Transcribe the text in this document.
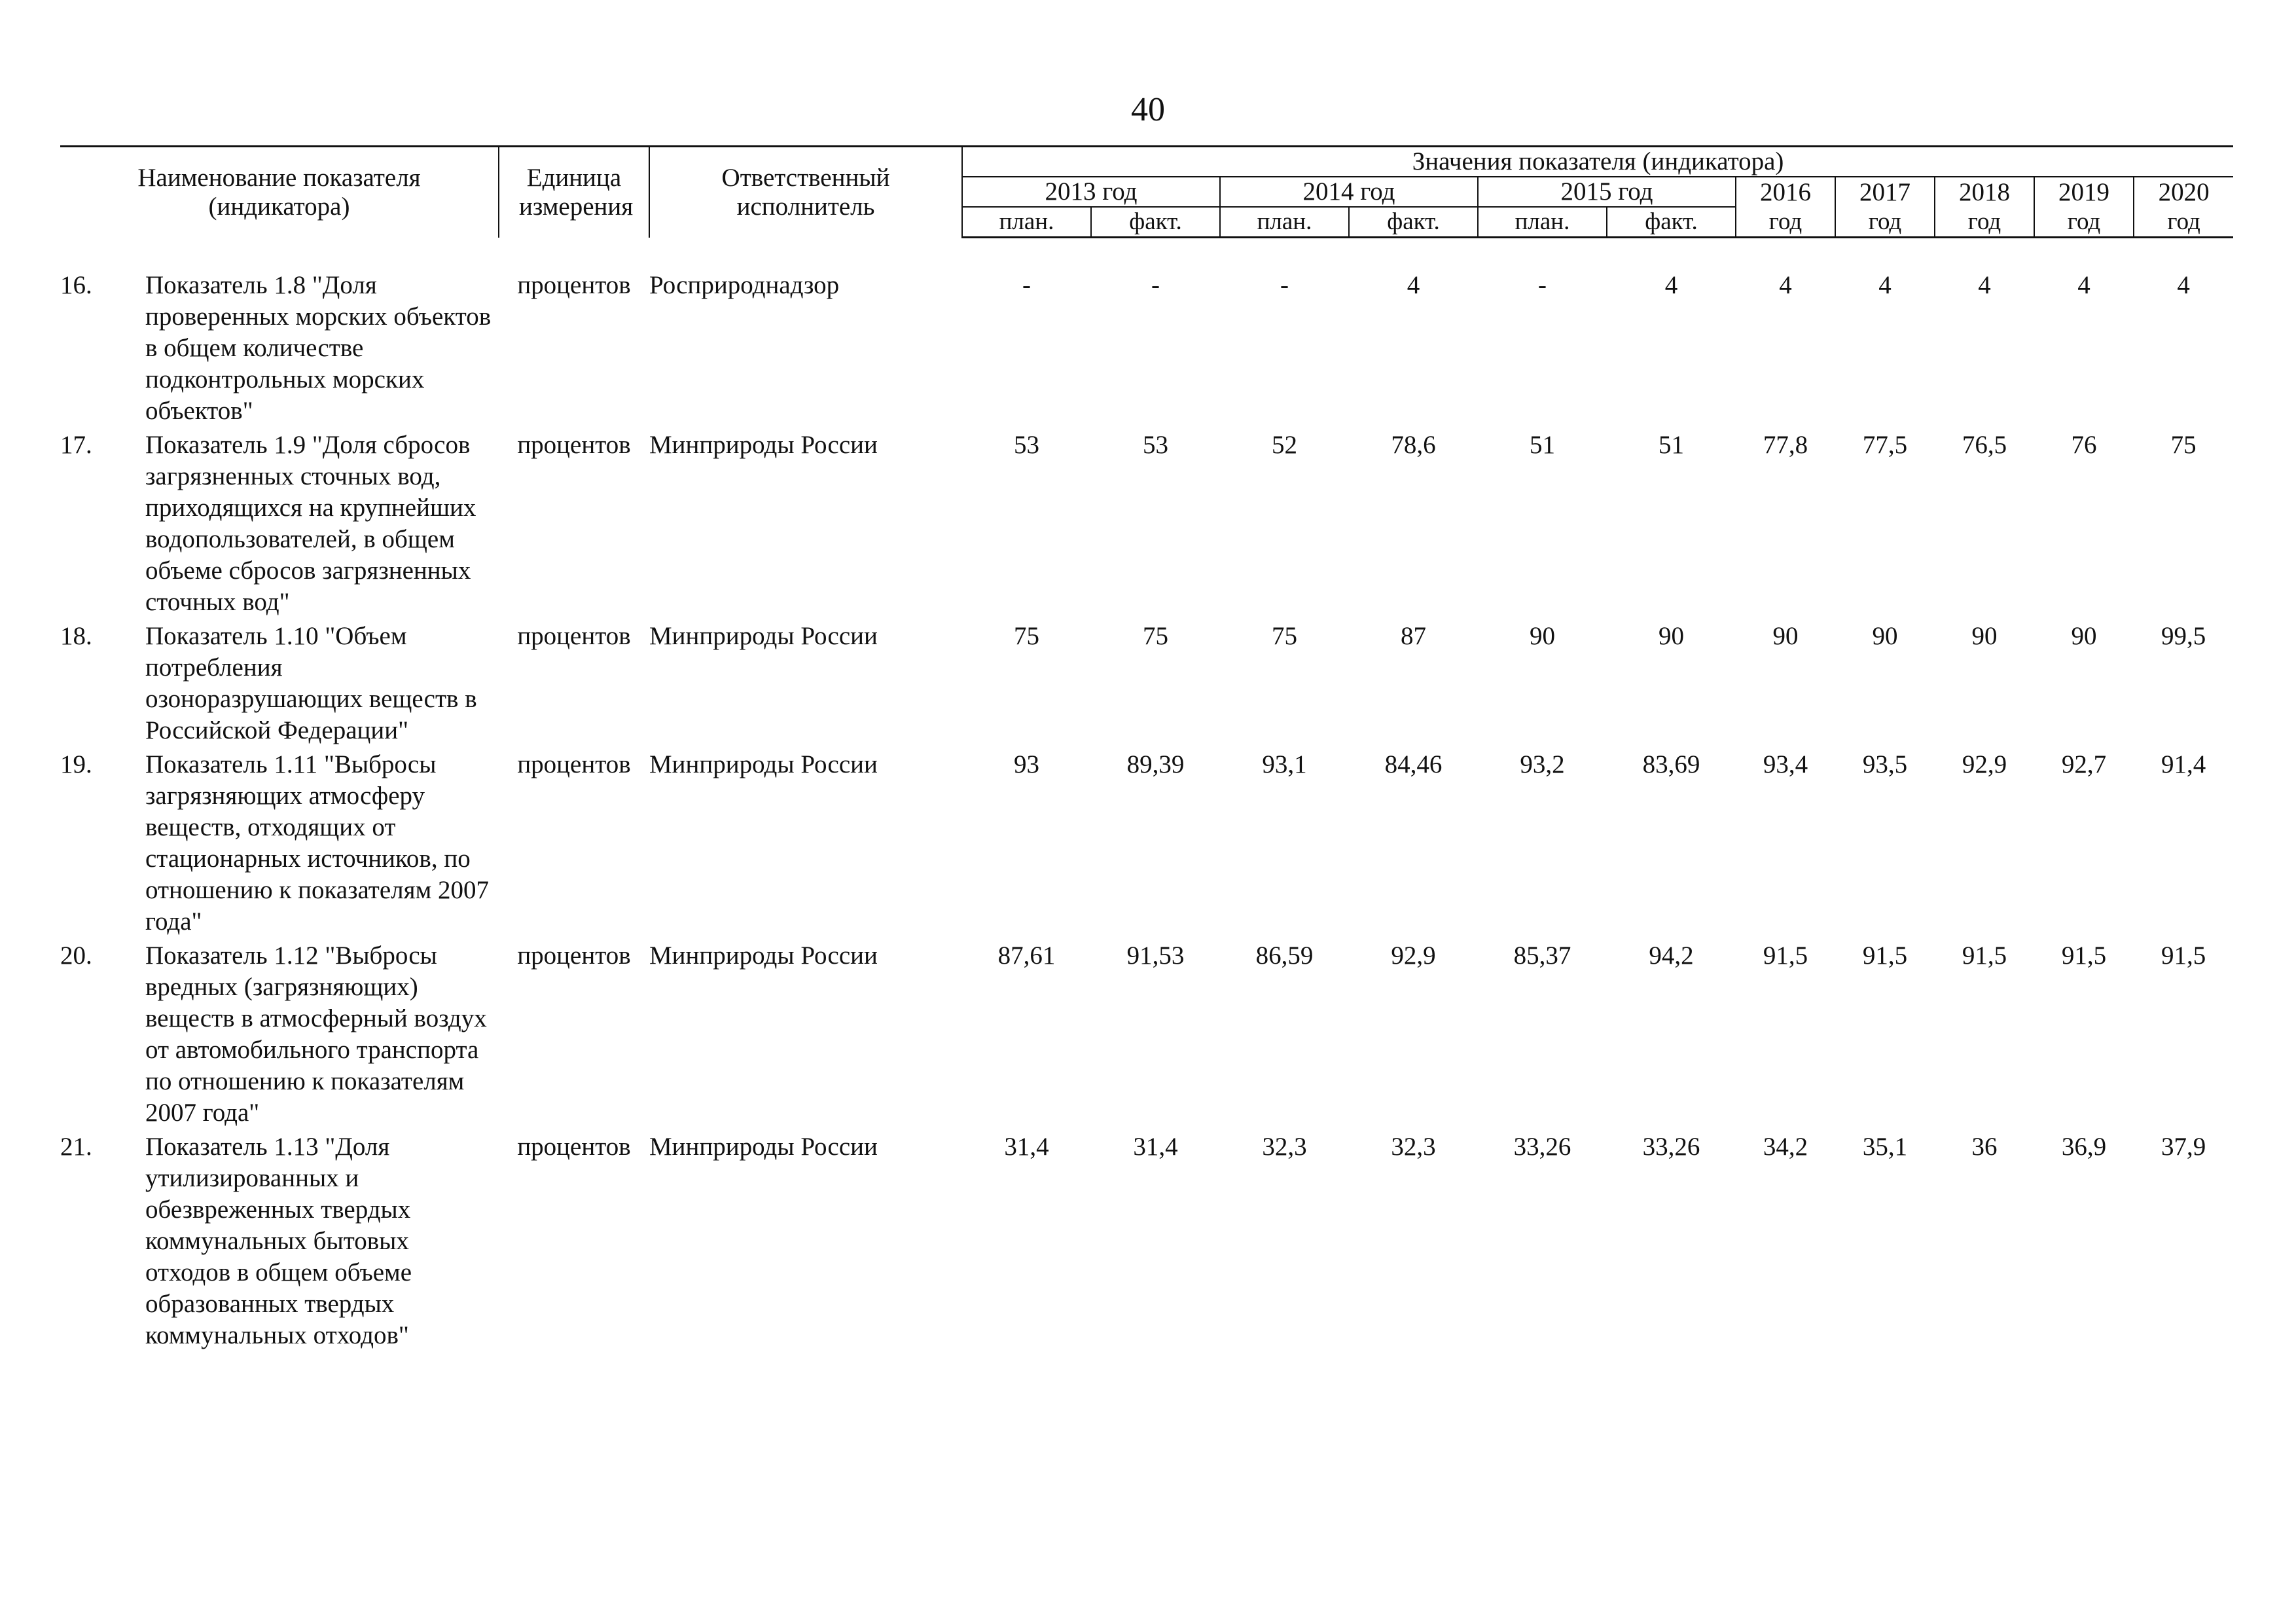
40
Наименование показателя (индикатора)		Единица измерения	Ответственный исполнитель	Значения показателя (индикатора)										
				2013 год		2014 год		2015 год		2016	2017	2018	2019	2020
				план.	факт.	план.	факт.	план.	факт.	год	год	год	год	год

16.	Показатель 1.8 "Доля проверенных морских объектов в общем количестве подконтрольных морских объектов"	процентов	Росприроднадзор	-	-	-	4	-	4	4	4	4	4	4
17.	Показатель 1.9 "Доля сбросов загрязненных сточных вод, приходящихся на крупнейших водопользователей, в общем объеме сбросов загрязненных сточных вод"	процентов	Минприроды России	53	53	52	78,6	51	51	77,8	77,5	76,5	76	75
18.	Показатель 1.10 "Объем потребления озоноразрушающих веществ в Российской Федерации"	процентов	Минприроды России	75	75	75	87	90	90	90	90	90	90	99,5
19.	Показатель 1.11 "Выбросы загрязняющих атмосферу веществ, отходящих от стационарных источников, по отношению к показателям 2007 года"	процентов	Минприроды России	93	89,39	93,1	84,46	93,2	83,69	93,4	93,5	92,9	92,7	91,4
20.	Показатель 1.12 "Выбросы вредных (загрязняющих) веществ в атмосферный воздух от автомобильного транспорта по отношению к показателям 2007 года"	процентов	Минприроды России	87,61	91,53	86,59	92,9	85,37	94,2	91,5	91,5	91,5	91,5	91,5
21.	Показатель 1.13 "Доля утилизированных и обезвреженных твердых коммунальных бытовых отходов в общем объеме образованных твердых коммунальных отходов"	процентов	Минприроды России	31,4	31,4	32,3	32,3	33,26	33,26	34,2	35,1	36	36,9	37,9
